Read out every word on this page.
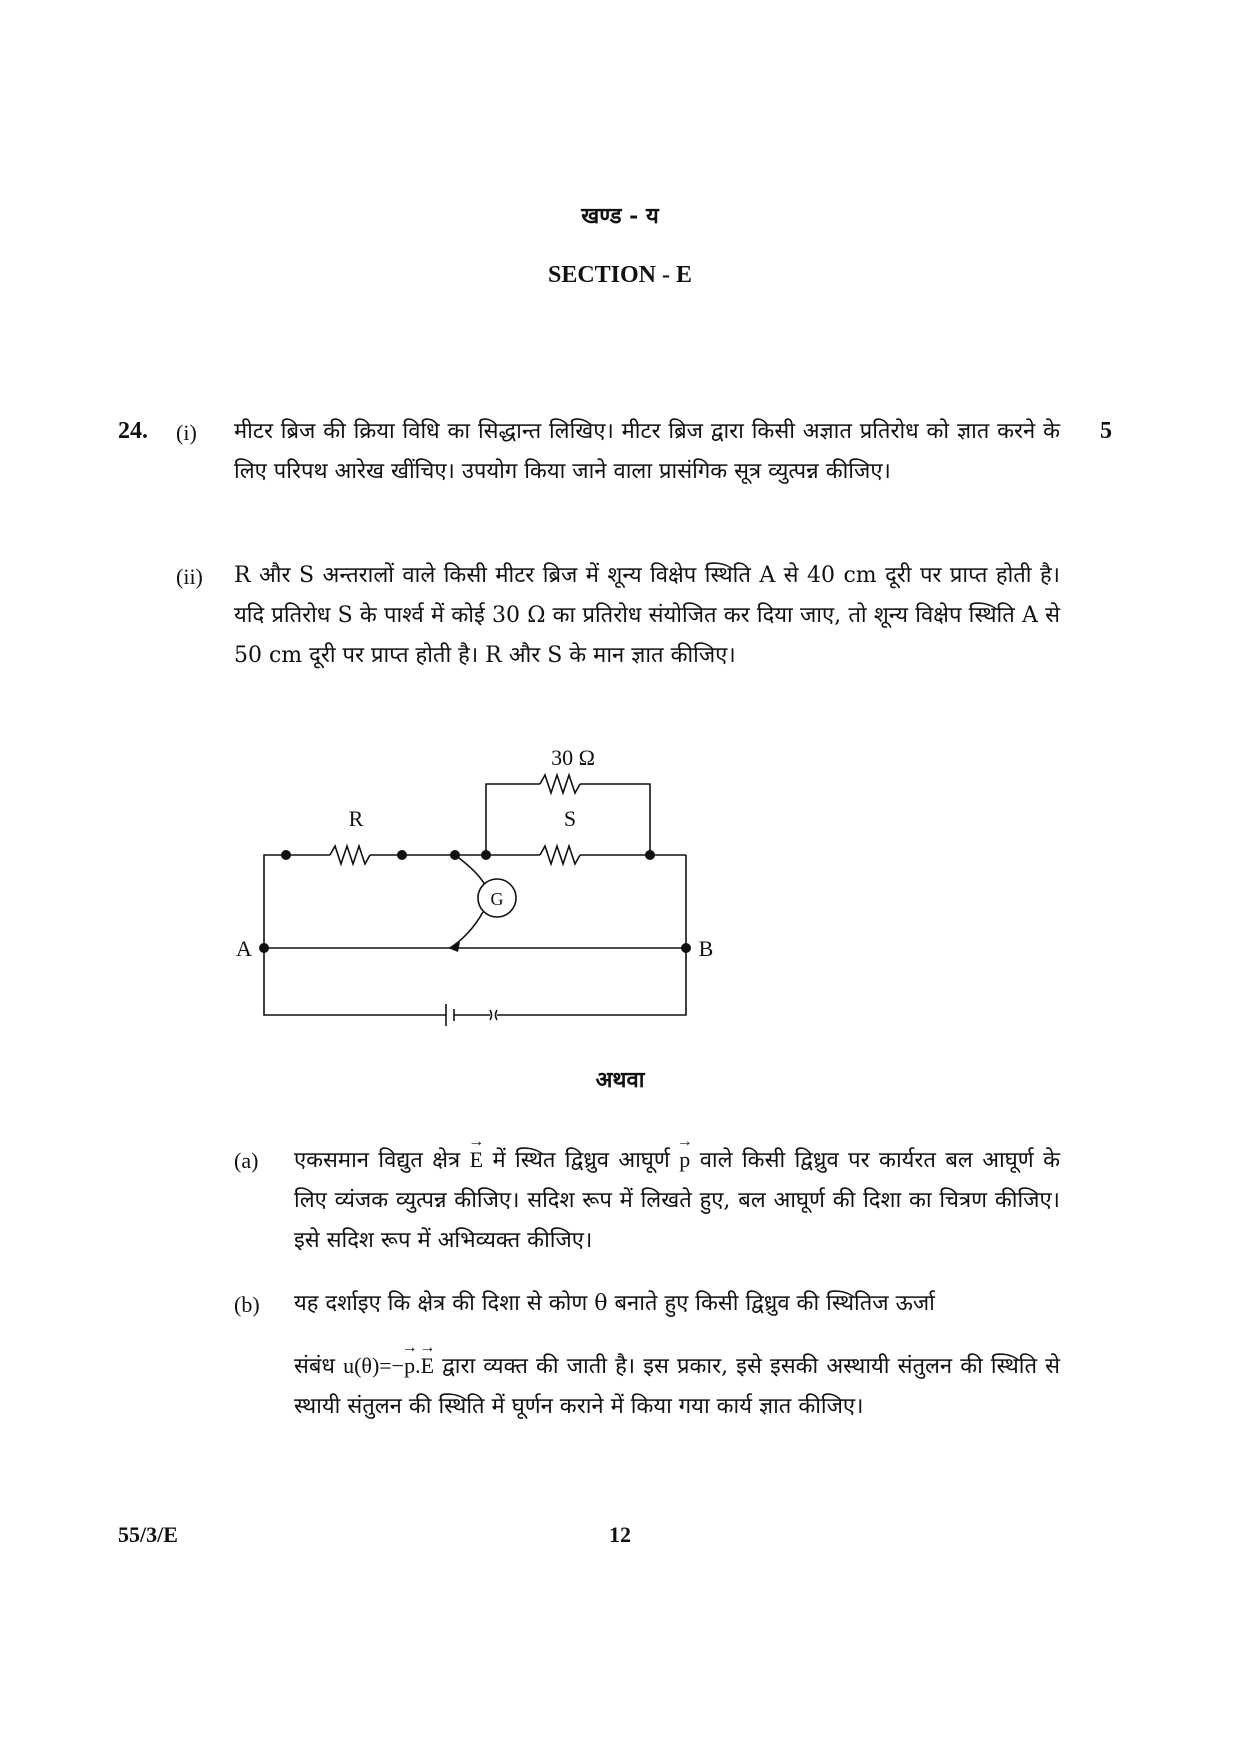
खण्ड - य
SECTION - E
24.	5
(i) मीटर ब्रिज की क्रिया विधि का सिद्धान्त लिखिए। मीटर ब्रिज द्वारा किसी अज्ञात प्रतिरोध को ज्ञात करने के लिए परिपथ आरेख खींचिए। उपयोग किया जाने वाला प्रासंगिक सूत्र व्युत्पन्न कीजिए।
(ii) R और S अन्तरालों वाले किसी मीटर ब्रिज में शून्य विक्षेप स्थिति A से 40 cm दूरी पर प्राप्त होती है। यदि प्रतिरोध S के पार्श्व में कोई 30 Ω का प्रतिरोध संयोजित कर दिया जाए, तो शून्य विक्षेप स्थिति A से 50 cm दूरी पर प्राप्त होती है। R और S के मान ज्ञात कीजिए।
30 Ω
R	S
G
A	B
अथवा
(a) एकसमान विद्युत क्षेत्र → E में स्थित द्विध्रुव आघूर्ण → p वाले किसी द्विध्रुव पर कार्यरत बल आघूर्ण के लिए व्यंजक व्युत्पन्न कीजिए। सदिश रूप में लिखते हुए, बल आघूर्ण की दिशा का चित्रण कीजिए। इसे सदिश रूप में अभिव्यक्त कीजिए।
(b) यह दर्शाइए कि क्षेत्र की दिशा से कोण θ बनाते हुए किसी द्विध्रुव की स्थितिज ऊर्जा
संबंध u(θ)=−→ p.→ E द्वारा व्यक्त की जाती है। इस प्रकार, इसे इसकी अस्थायी संतुलन की स्थिति से स्थायी संतुलन की स्थिति में घूर्णन कराने में किया गया कार्य ज्ञात कीजिए।
55/3/E	12
